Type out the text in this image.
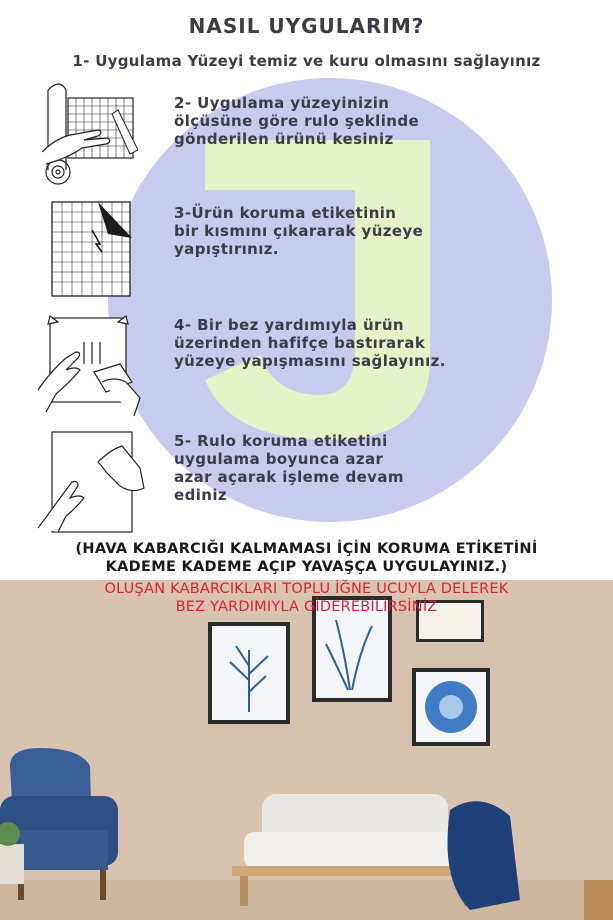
NASIL UYGULARIM?
1- Uygulama Yüzeyi temiz ve kuru olmasını sağlayınız
2- Uygulama yüzeyinizin
ölçüsüne göre rulo şeklinde
gönderilen ürünü kesiniz
3-Ürün koruma etiketinin
bir kısmını çıkararak yüzeye
yapıştırınız.
4- Bir bez yardımıyla ürün
üzerinden hafifçe bastırarak
yüzeye yapışmasını sağlayınız.
5- Rulo koruma etiketini
uygulama boyunca azar
azar açarak işleme devam
ediniz
(HAVA KABARCIĞI KALMAMASI İÇİN KORUMA ETİKETİNİ
KADEME KADEME AÇIP YAVAŞÇA UYGULAYINIZ.)
OLUŞAN KABARCIKLARI TOPLU İĞNE UCUYLA DELEREK
BEZ YARDIMIYLA GİDEREBİLİRSİNİZ
